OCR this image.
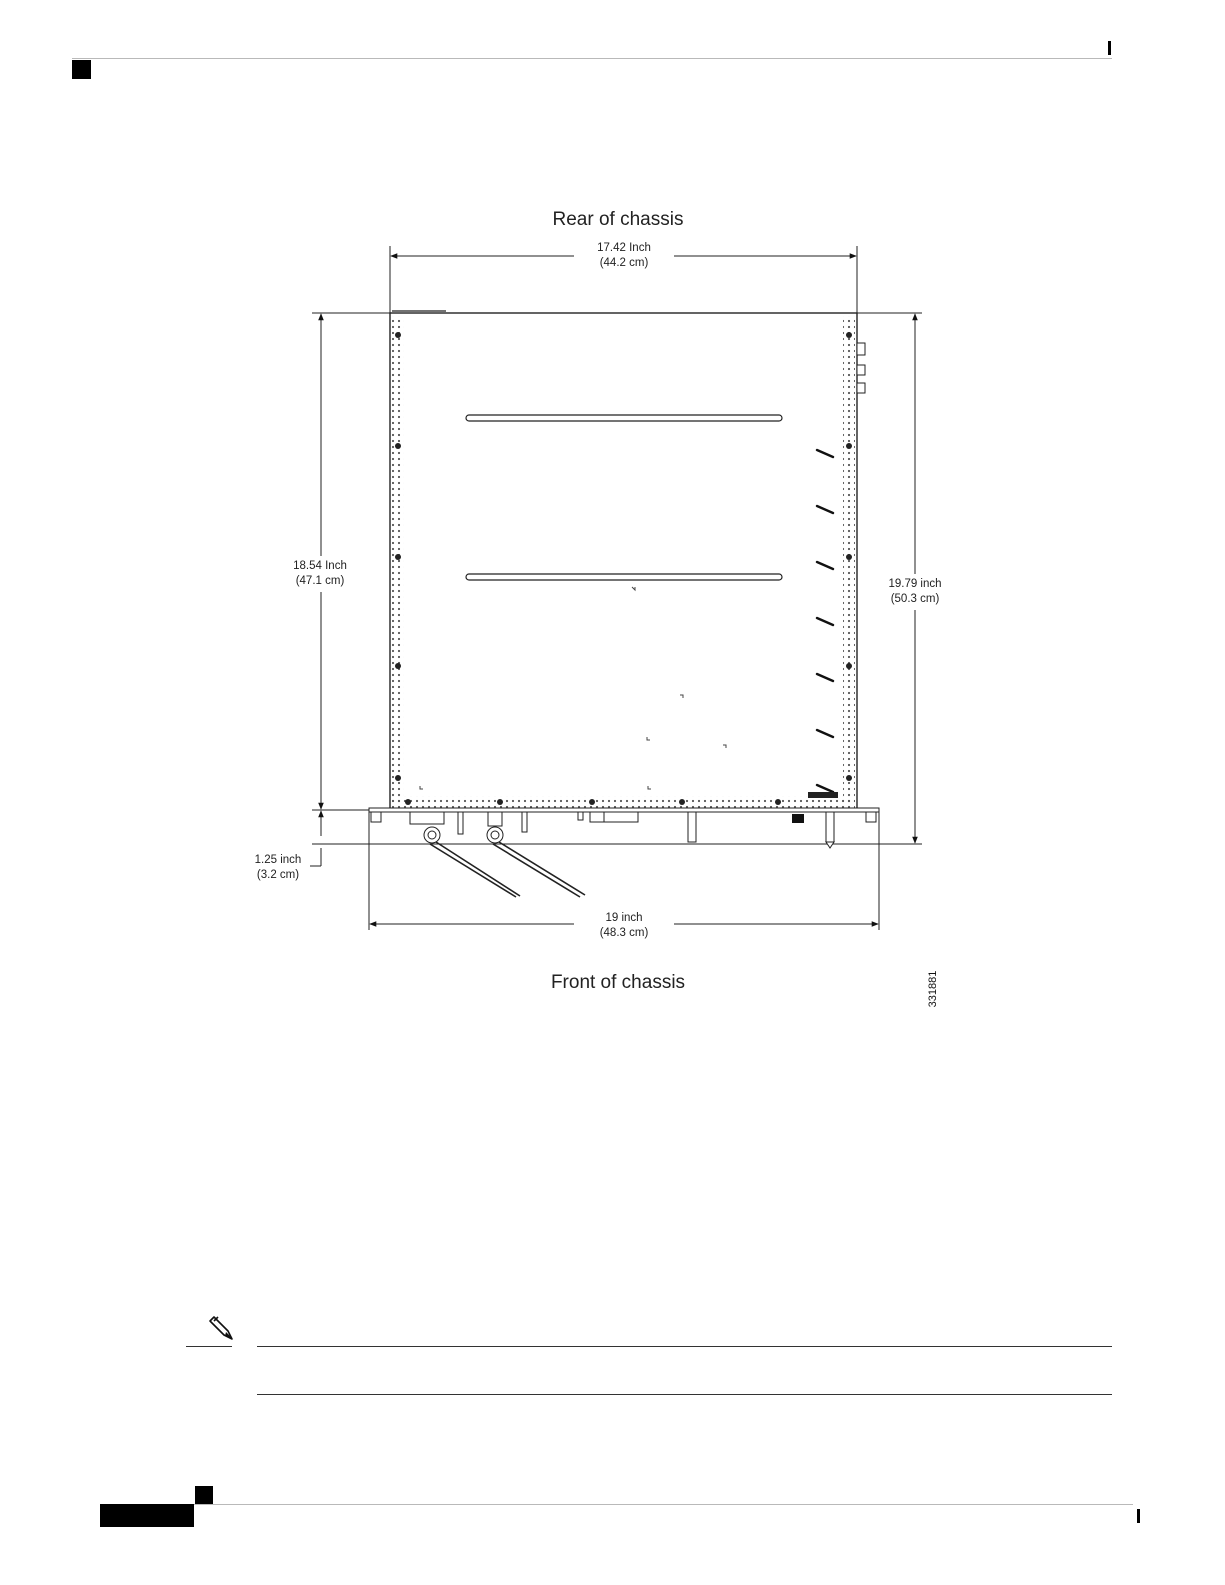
Rear of chassis
17.42 Inch
(44.2 cm)
18.54 Inch
(47.1 cm)	19.79 inch
(50.3 cm)
1.25 inch
(3.2 cm)
19 inch
(48.3 cm)
Front of chassis	331881
